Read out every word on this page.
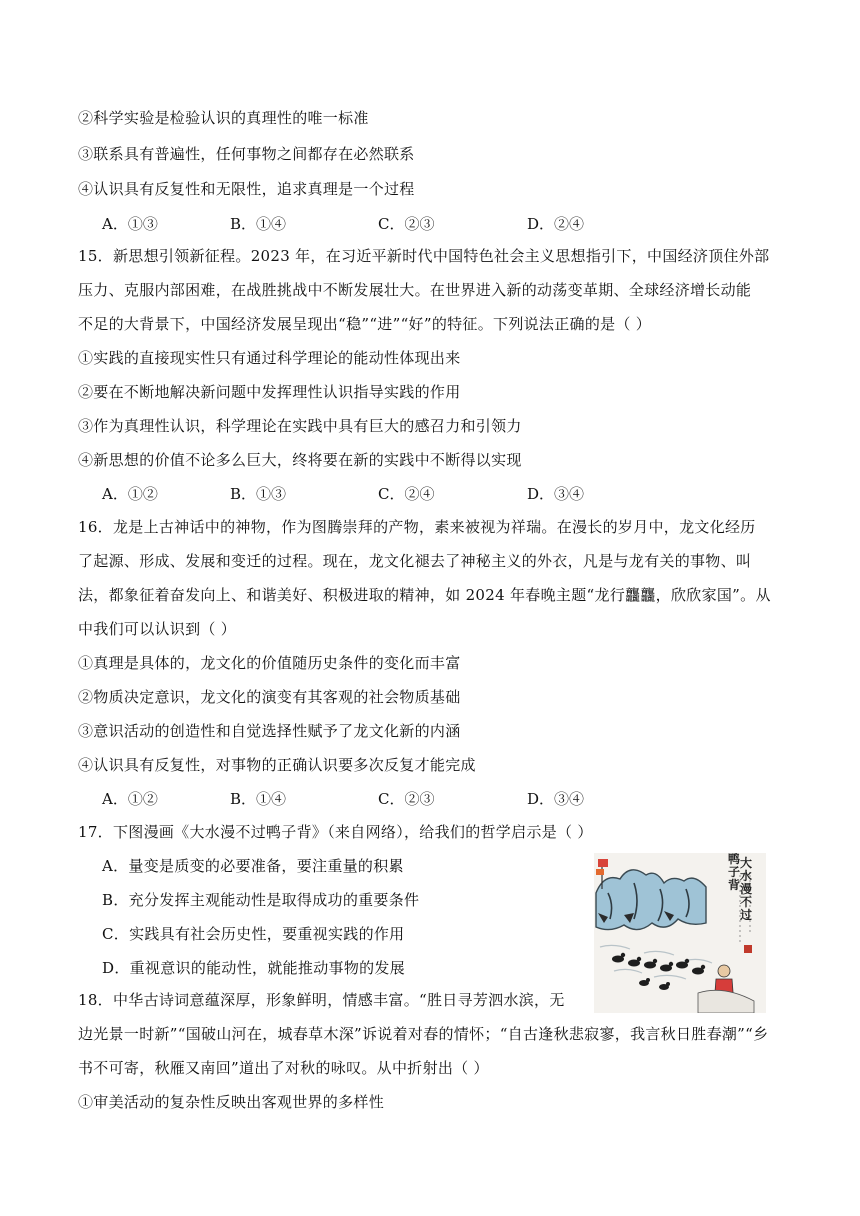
②科学实验是检验认识的真理性的唯一标准
③联系具有普遍性，任何事物之间都存在必然联系
④认识具有反复性和无限性，追求真理是一个过程
A．①③	B．①④	C．②③	D．②④
15．新思想引领新征程。2023 年，在习近平新时代中国特色社会主义思想指引下，中国经济顶住外部
压力、克服内部困难，在战胜挑战中不断发展壮大。在世界进入新的动荡变革期、全球经济增长动能
不足的大背景下，中国经济发展呈现出“稳”“进”“好”的特征。下列说法正确的是（ ）
①实践的直接现实性只有通过科学理论的能动性体现出来
②要在不断地解决新问题中发挥理性认识指导实践的作用
③作为真理性认识，科学理论在实践中具有巨大的感召力和引领力
④新思想的价值不论多么巨大，终将要在新的实践中不断得以实现
A．①②	B．①③	C．②④	D．③④
16．龙是上古神话中的神物，作为图腾崇拜的产物，素来被视为祥瑞。在漫长的岁月中，龙文化经历
了起源、形成、发展和变迁的过程。现在，龙文化褪去了神秘主义的外衣，凡是与龙有关的事物、叫
法，都象征着奋发向上、和谐美好、积极进取的精神，如 2024 年春晚主题“龙行龘龘，欣欣家国”。从
中我们可以认识到（ ）
①真理是具体的，龙文化的价值随历史条件的变化而丰富
②物质决定意识，龙文化的演变有其客观的社会物质基础
③意识活动的创造性和自觉选择性赋予了龙文化新的内涵
④认识具有反复性，对事物的正确认识要多次反复才能完成
A．①②	B．①④	C．②③	D．③④
17．下图漫画《大水漫不过鸭子背》（来自网络），给我们的哲学启示是（ ）
A．量变是质变的必要准备，要注重量的积累
B．充分发挥主观能动性是取得成功的重要条件
C．实践具有社会历史性，要重视实践的作用
D．重视意识的能动性，就能推动事物的发展
大水漫不过鸭子背
18．中华古诗词意蕴深厚，形象鲜明，情感丰富。“胜日寻芳泗水滨，无
边光景一时新”“国破山河在，城春草木深”诉说着对春的情怀；“自古逢秋悲寂寥，我言秋日胜春潮”“乡
书不可寄，秋雁又南回”道出了对秋的咏叹。从中折射出（ ）
①审美活动的复杂性反映出客观世界的多样性
